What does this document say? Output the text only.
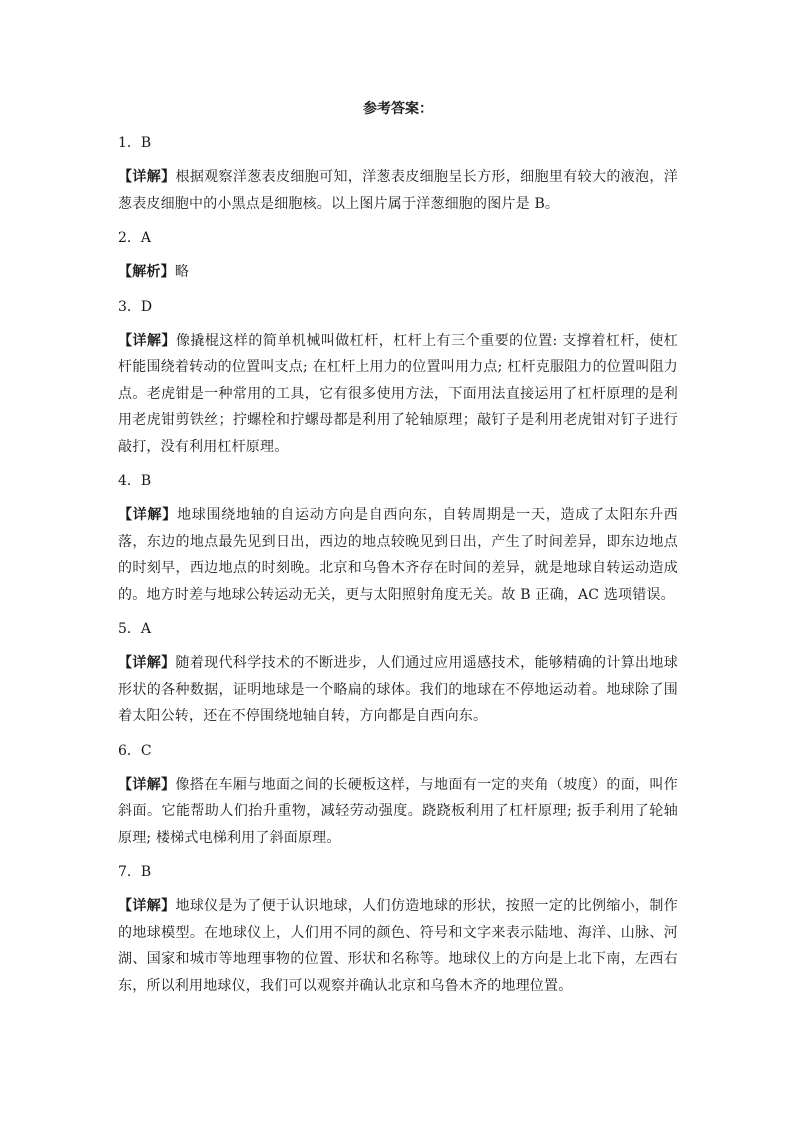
参考答案：
1．B
【详解】根据观察洋葱表皮细胞可知，洋葱表皮细胞呈长方形，细胞里有较大的液泡，洋葱表皮细胞中的小黑点是细胞核。以上图片属于洋葱细胞的图片是 B。
2．A
【解析】略
3．D
【详解】像撬棍这样的简单机械叫做杠杆，杠杆上有三个重要的位置: 支撑着杠杆，使杠杆能围绕着转动的位置叫支点; 在杠杆上用力的位置叫用力点; 杠杆克服阻力的位置叫阻力点。老虎钳是一种常用的工具，它有很多使用方法，下面用法直接运用了杠杆原理的是利用老虎钳剪铁丝；拧螺栓和拧螺母都是利用了轮轴原理；敲钉子是利用老虎钳对钉子进行敲打，没有利用杠杆原理。
4．B
【详解】地球围绕地轴的自运动方向是自西向东，自转周期是一天，造成了太阳东升西落，东边的地点最先见到日出，西边的地点较晚见到日出，产生了时间差异，即东边地点的时刻早，西边地点的时刻晚。北京和乌鲁木齐存在时间的差异，就是地球自转运动造成的。地方时差与地球公转运动无关，更与太阳照射角度无关。故 B 正确，AC 选项错误。
5．A
【详解】随着现代科学技术的不断进步，人们通过应用遥感技术，能够精确的计算出地球形状的各种数据，证明地球是一个略扁的球体。我们的地球在不停地运动着。地球除了围着太阳公转，还在不停围绕地轴自转，方向都是自西向东。
6．C
【详解】像搭在车厢与地面之间的长硬板这样，与地面有一定的夹角（坡度）的面，叫作斜面。它能帮助人们抬升重物，减轻劳动强度。跷跷板利用了杠杆原理; 扳手利用了轮轴原理; 楼梯式电梯利用了斜面原理。
7．B
【详解】地球仪是为了便于认识地球，人们仿造地球的形状，按照一定的比例缩小，制作的地球模型。在地球仪上，人们用不同的颜色、符号和文字来表示陆地、海洋、山脉、河湖、国家和城市等地理事物的位置、形状和名称等。地球仪上的方向是上北下南，左西右东，所以利用地球仪，我们可以观察并确认北京和乌鲁木齐的地理位置。
